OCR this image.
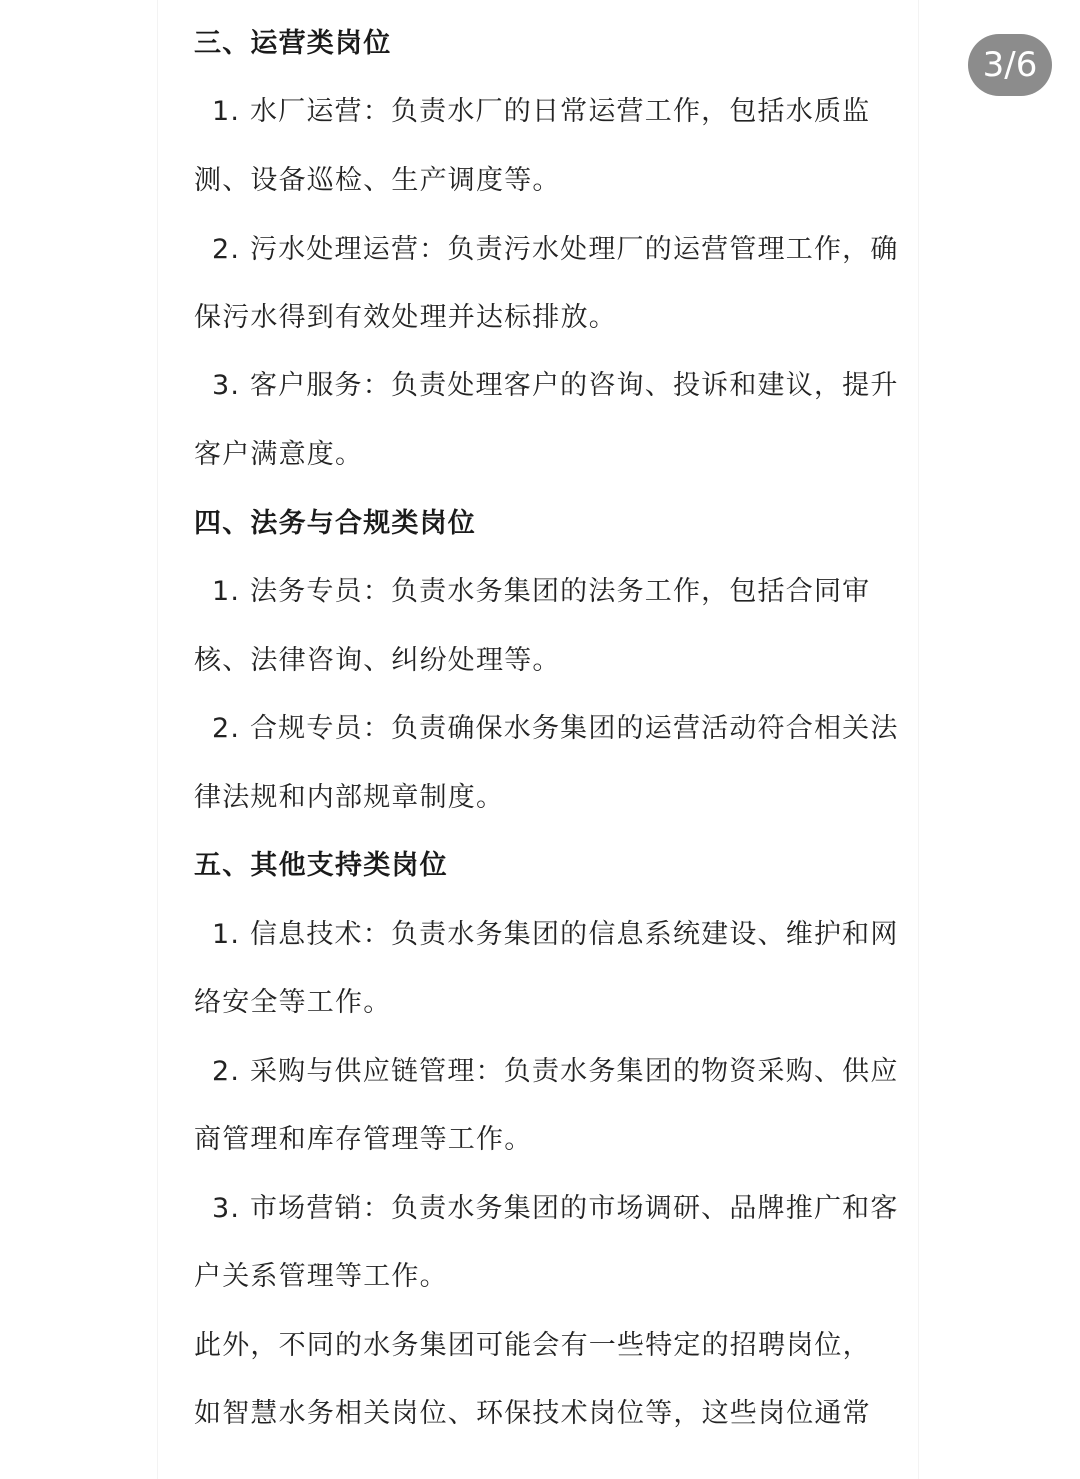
三、运营类岗位
1. 水厂运营：负责水厂的日常运营工作，包括水质监
测、设备巡检、生产调度等。
2. 污水处理运营：负责污水处理厂的运营管理工作，确
保污水得到有效处理并达标排放。
3. 客户服务：负责处理客户的咨询、投诉和建议，提升
客户满意度。
四、法务与合规类岗位
1. 法务专员：负责水务集团的法务工作，包括合同审
核、法律咨询、纠纷处理等。
2. 合规专员：负责确保水务集团的运营活动符合相关法
律法规和内部规章制度。
五、其他支持类岗位
1. 信息技术：负责水务集团的信息系统建设、维护和网
络安全等工作。
2. 采购与供应链管理：负责水务集团的物资采购、供应
商管理和库存管理等工作。
3. 市场营销：负责水务集团的市场调研、品牌推广和客
户关系管理等工作。
此外，不同的水务集团可能会有一些特定的招聘岗位，
如智慧水务相关岗位、环保技术岗位等，这些岗位通常
3/6
